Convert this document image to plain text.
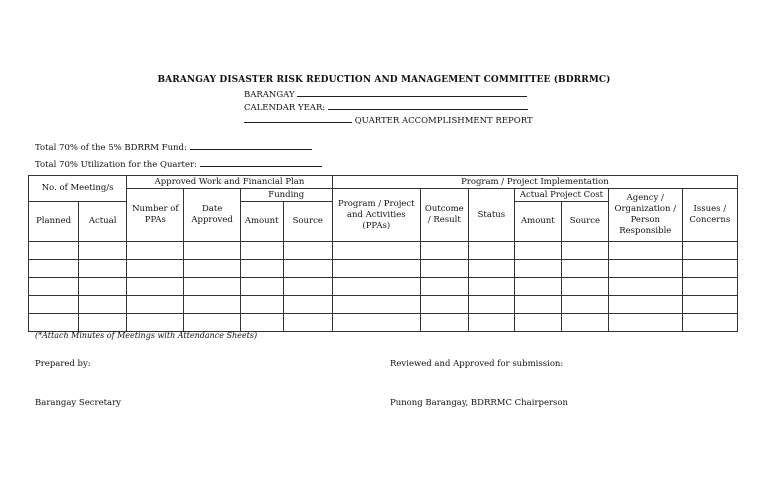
BARANGAY DISASTER RISK REDUCTION AND MANAGEMENT COMMITTEE (BDRRMC)
BARANGAY
CALENDAR YEAR:
QUARTER ACCOMPLISHMENT REPORT
Total 70% of the 5% BDRRM Fund:
Total 70% Utilization for the Quarter:
No. of Meeting/s		Approved Work and Financial Plan				Program / Project Implementation						
		Number of PPAs	Date Approved	Funding		Program / Project and Activities (PPAs)	Outcome / Result	Status	Actual Project Cost		Agency / Organization / Person Responsible	Issues / Concerns
Planned	Actual			Amount	Source				Amount	Source		

(*Attach Minutes of Meetings with Attendance Sheets)
Prepared by:	Reviewed and Approved for submission:
Barangay Secretary	Punong Barangay, BDRRMC Chairperson
